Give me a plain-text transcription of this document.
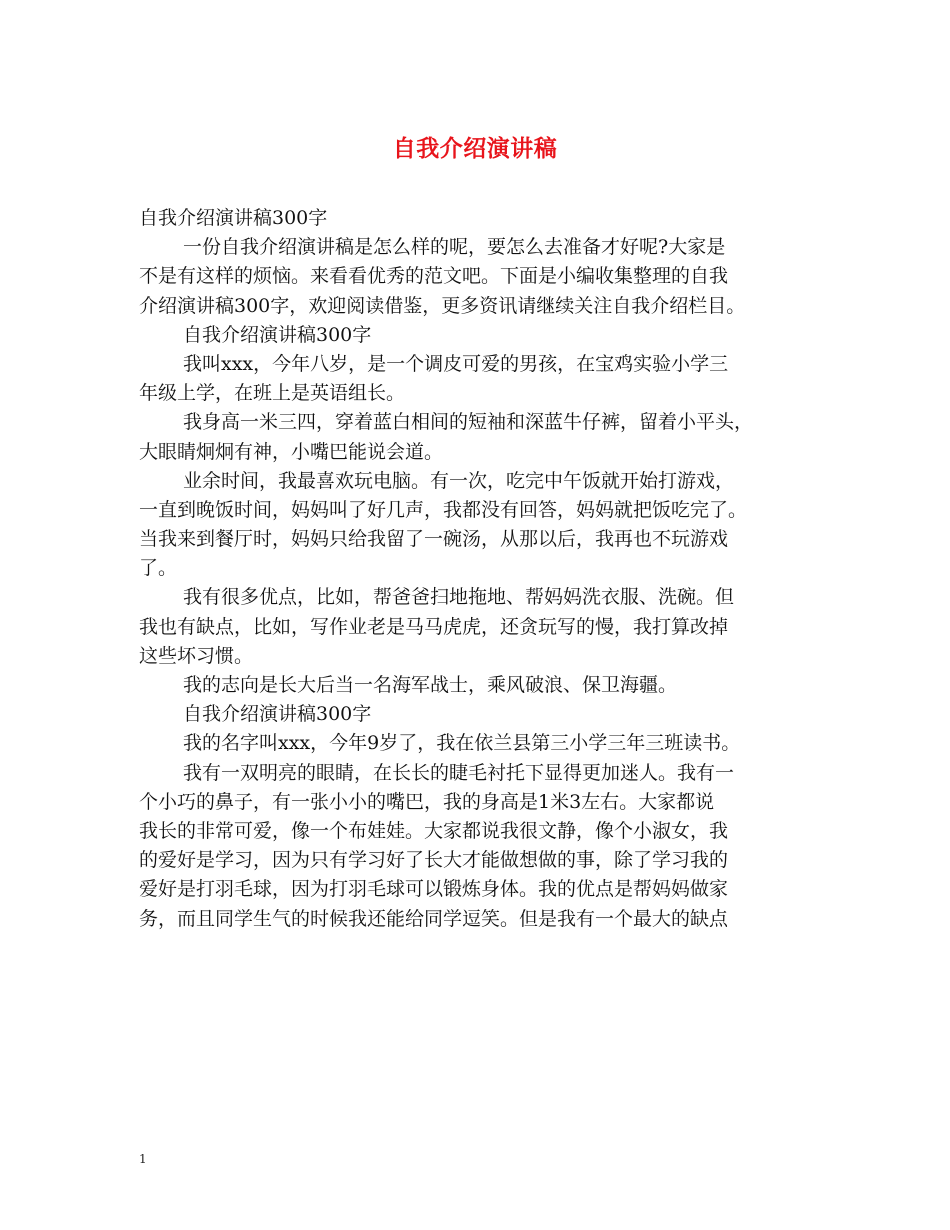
自我介绍演讲稿
自我介绍演讲稿300字
一份自我介绍演讲稿是怎么样的呢，要怎么去准备才好呢?大家是
不是有这样的烦恼。来看看优秀的范文吧。下面是小编收集整理的自我
介绍演讲稿300字，欢迎阅读借鉴，更多资讯请继续关注自我介绍栏目。
自我介绍演讲稿300字
我叫xxx，今年八岁，是一个调皮可爱的男孩，在宝鸡实验小学三
年级上学，在班上是英语组长。
我身高一米三四，穿着蓝白相间的短袖和深蓝牛仔裤，留着小平头，
大眼睛炯炯有神，小嘴巴能说会道。
业余时间，我最喜欢玩电脑。有一次，吃完中午饭就开始打游戏，
一直到晚饭时间，妈妈叫了好几声，我都没有回答，妈妈就把饭吃完了。
当我来到餐厅时，妈妈只给我留了一碗汤，从那以后，我再也不玩游戏
了。
我有很多优点，比如，帮爸爸扫地拖地、帮妈妈洗衣服、洗碗。但
我也有缺点，比如，写作业老是马马虎虎，还贪玩写的慢，我打算改掉
这些坏习惯。
我的志向是长大后当一名海军战士，乘风破浪、保卫海疆。
自我介绍演讲稿300字
我的名字叫xxx，今年9岁了，我在依兰县第三小学三年三班读书。
我有一双明亮的眼睛，在长长的睫毛衬托下显得更加迷人。我有一
个小巧的鼻子，有一张小小的嘴巴，我的身高是1米3左右。大家都说
我长的非常可爱，像一个布娃娃。大家都说我很文静，像个小淑女，我
的爱好是学习，因为只有学习好了长大才能做想做的事，除了学习我的
爱好是打羽毛球，因为打羽毛球可以锻炼身体。我的优点是帮妈妈做家
务，而且同学生气的时候我还能给同学逗笑。但是我有一个最大的缺点
1
